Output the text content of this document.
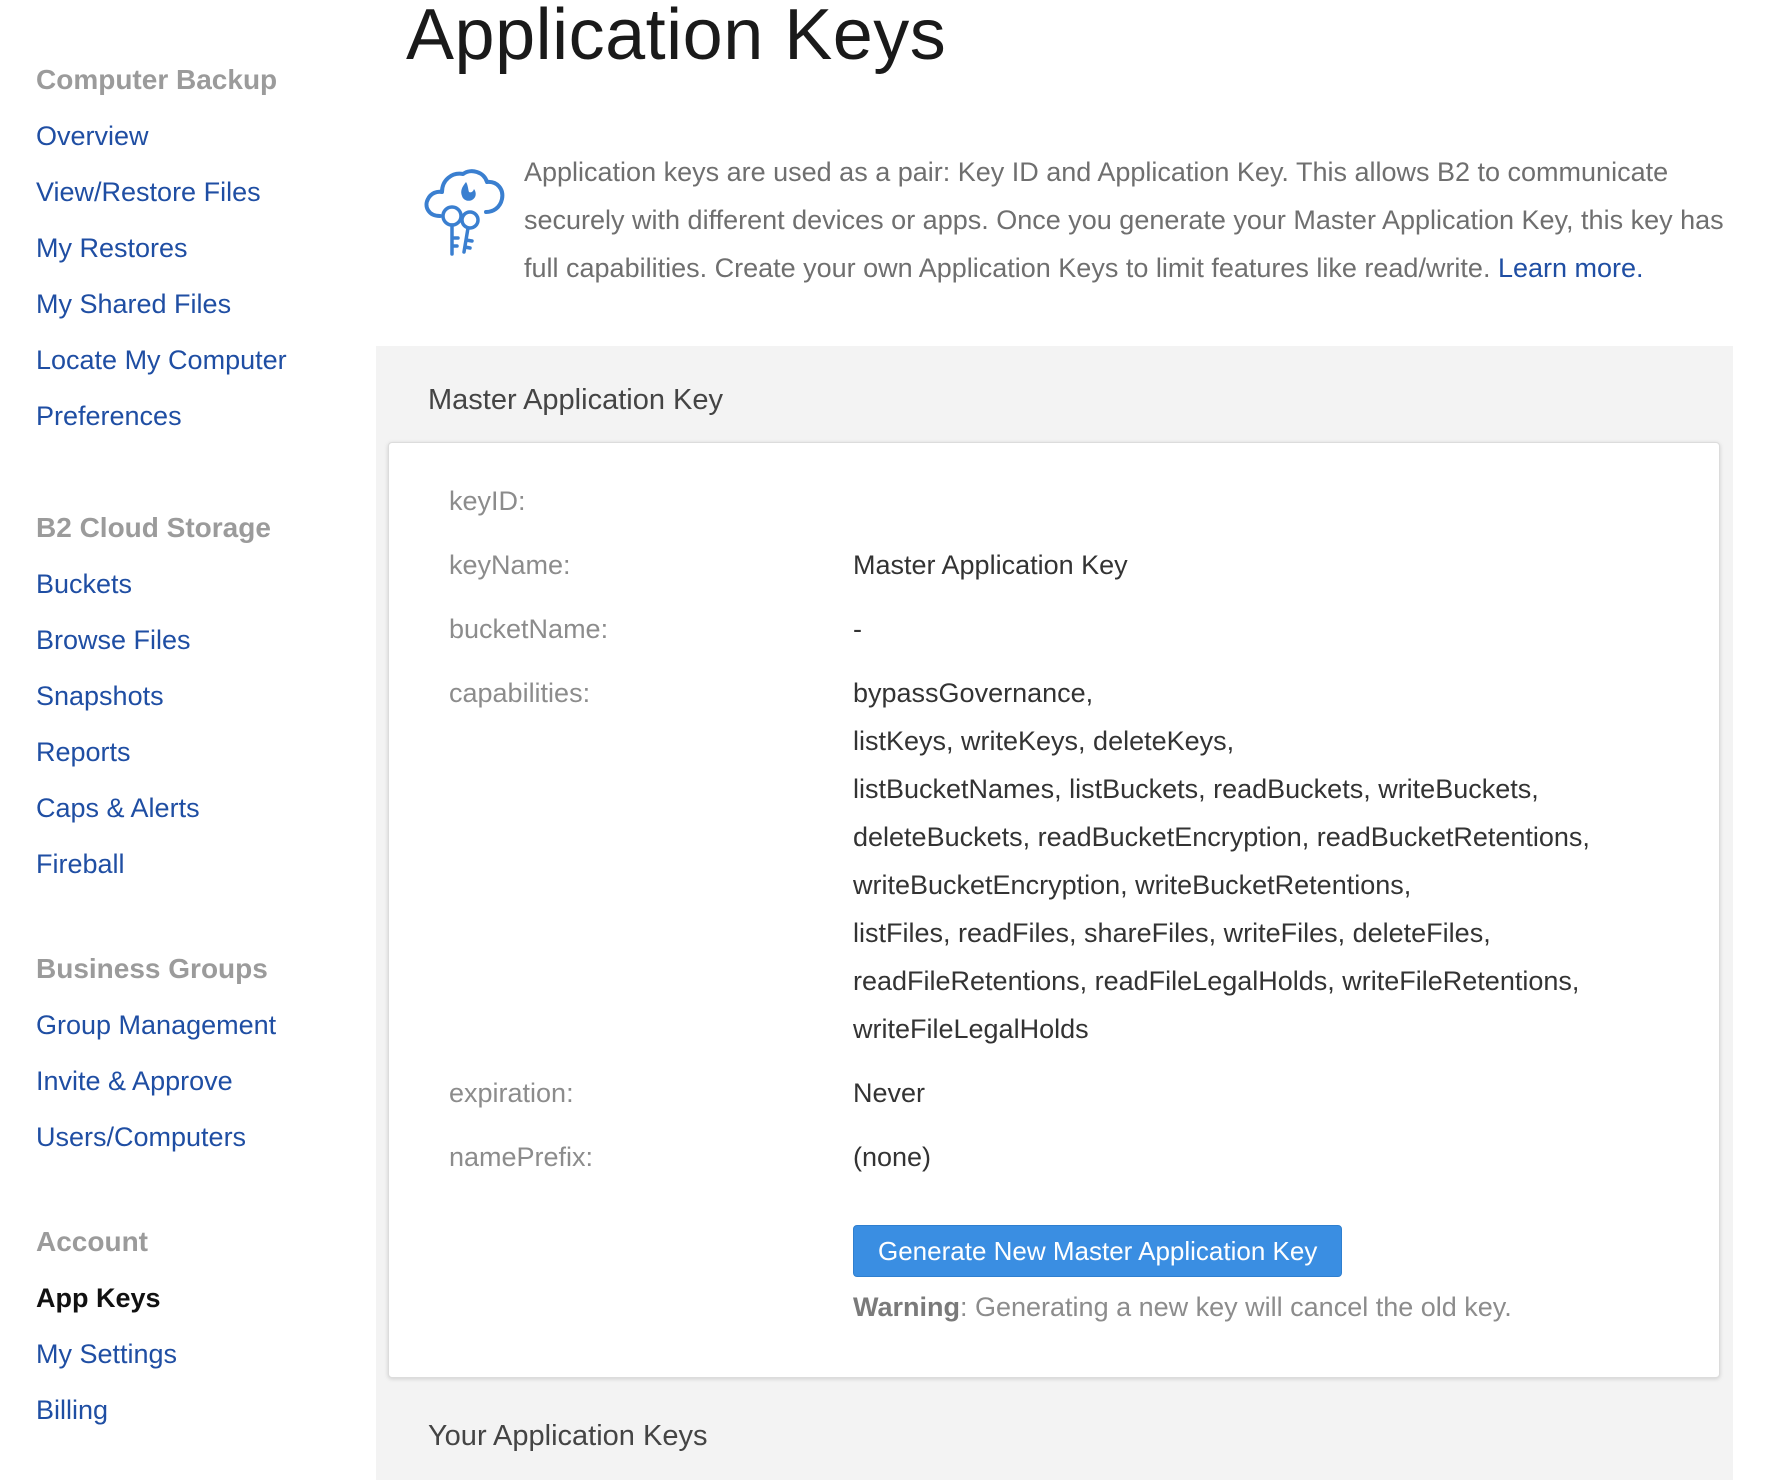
Computer Backup
Overview
View/Restore Files
My Restores
My Shared Files
Locate My Computer
Preferences
B2 Cloud Storage
Buckets
Browse Files
Snapshots
Reports
Caps & Alerts
Fireball
Business Groups
Group Management
Invite & Approve
Users/Computers
Account
App Keys
My Settings
Billing
Application Keys
Application keys are used as a pair: Key ID and Application Key. This allows B2 to communicate securely with different devices or apps. Once you generate your Master Application Key, this key has full capabilities. Create your own Application Keys to limit features like read/write. Learn more.
Master Application Key
keyID:
keyName:	Master Application Key
bucketName:	-
capabilities:	bypassGovernance,
listKeys, writeKeys, deleteKeys,
listBucketNames, listBuckets, readBuckets, writeBuckets,
deleteBuckets, readBucketEncryption, readBucketRetentions,
writeBucketEncryption, writeBucketRetentions,
listFiles, readFiles, shareFiles, writeFiles, deleteFiles,
readFileRetentions, readFileLegalHolds, writeFileRetentions,
writeFileLegalHolds
expiration:	Never
namePrefix:	(none)
Generate New Master Application Key
Warning: Generating a new key will cancel the old key.
Your Application Keys
